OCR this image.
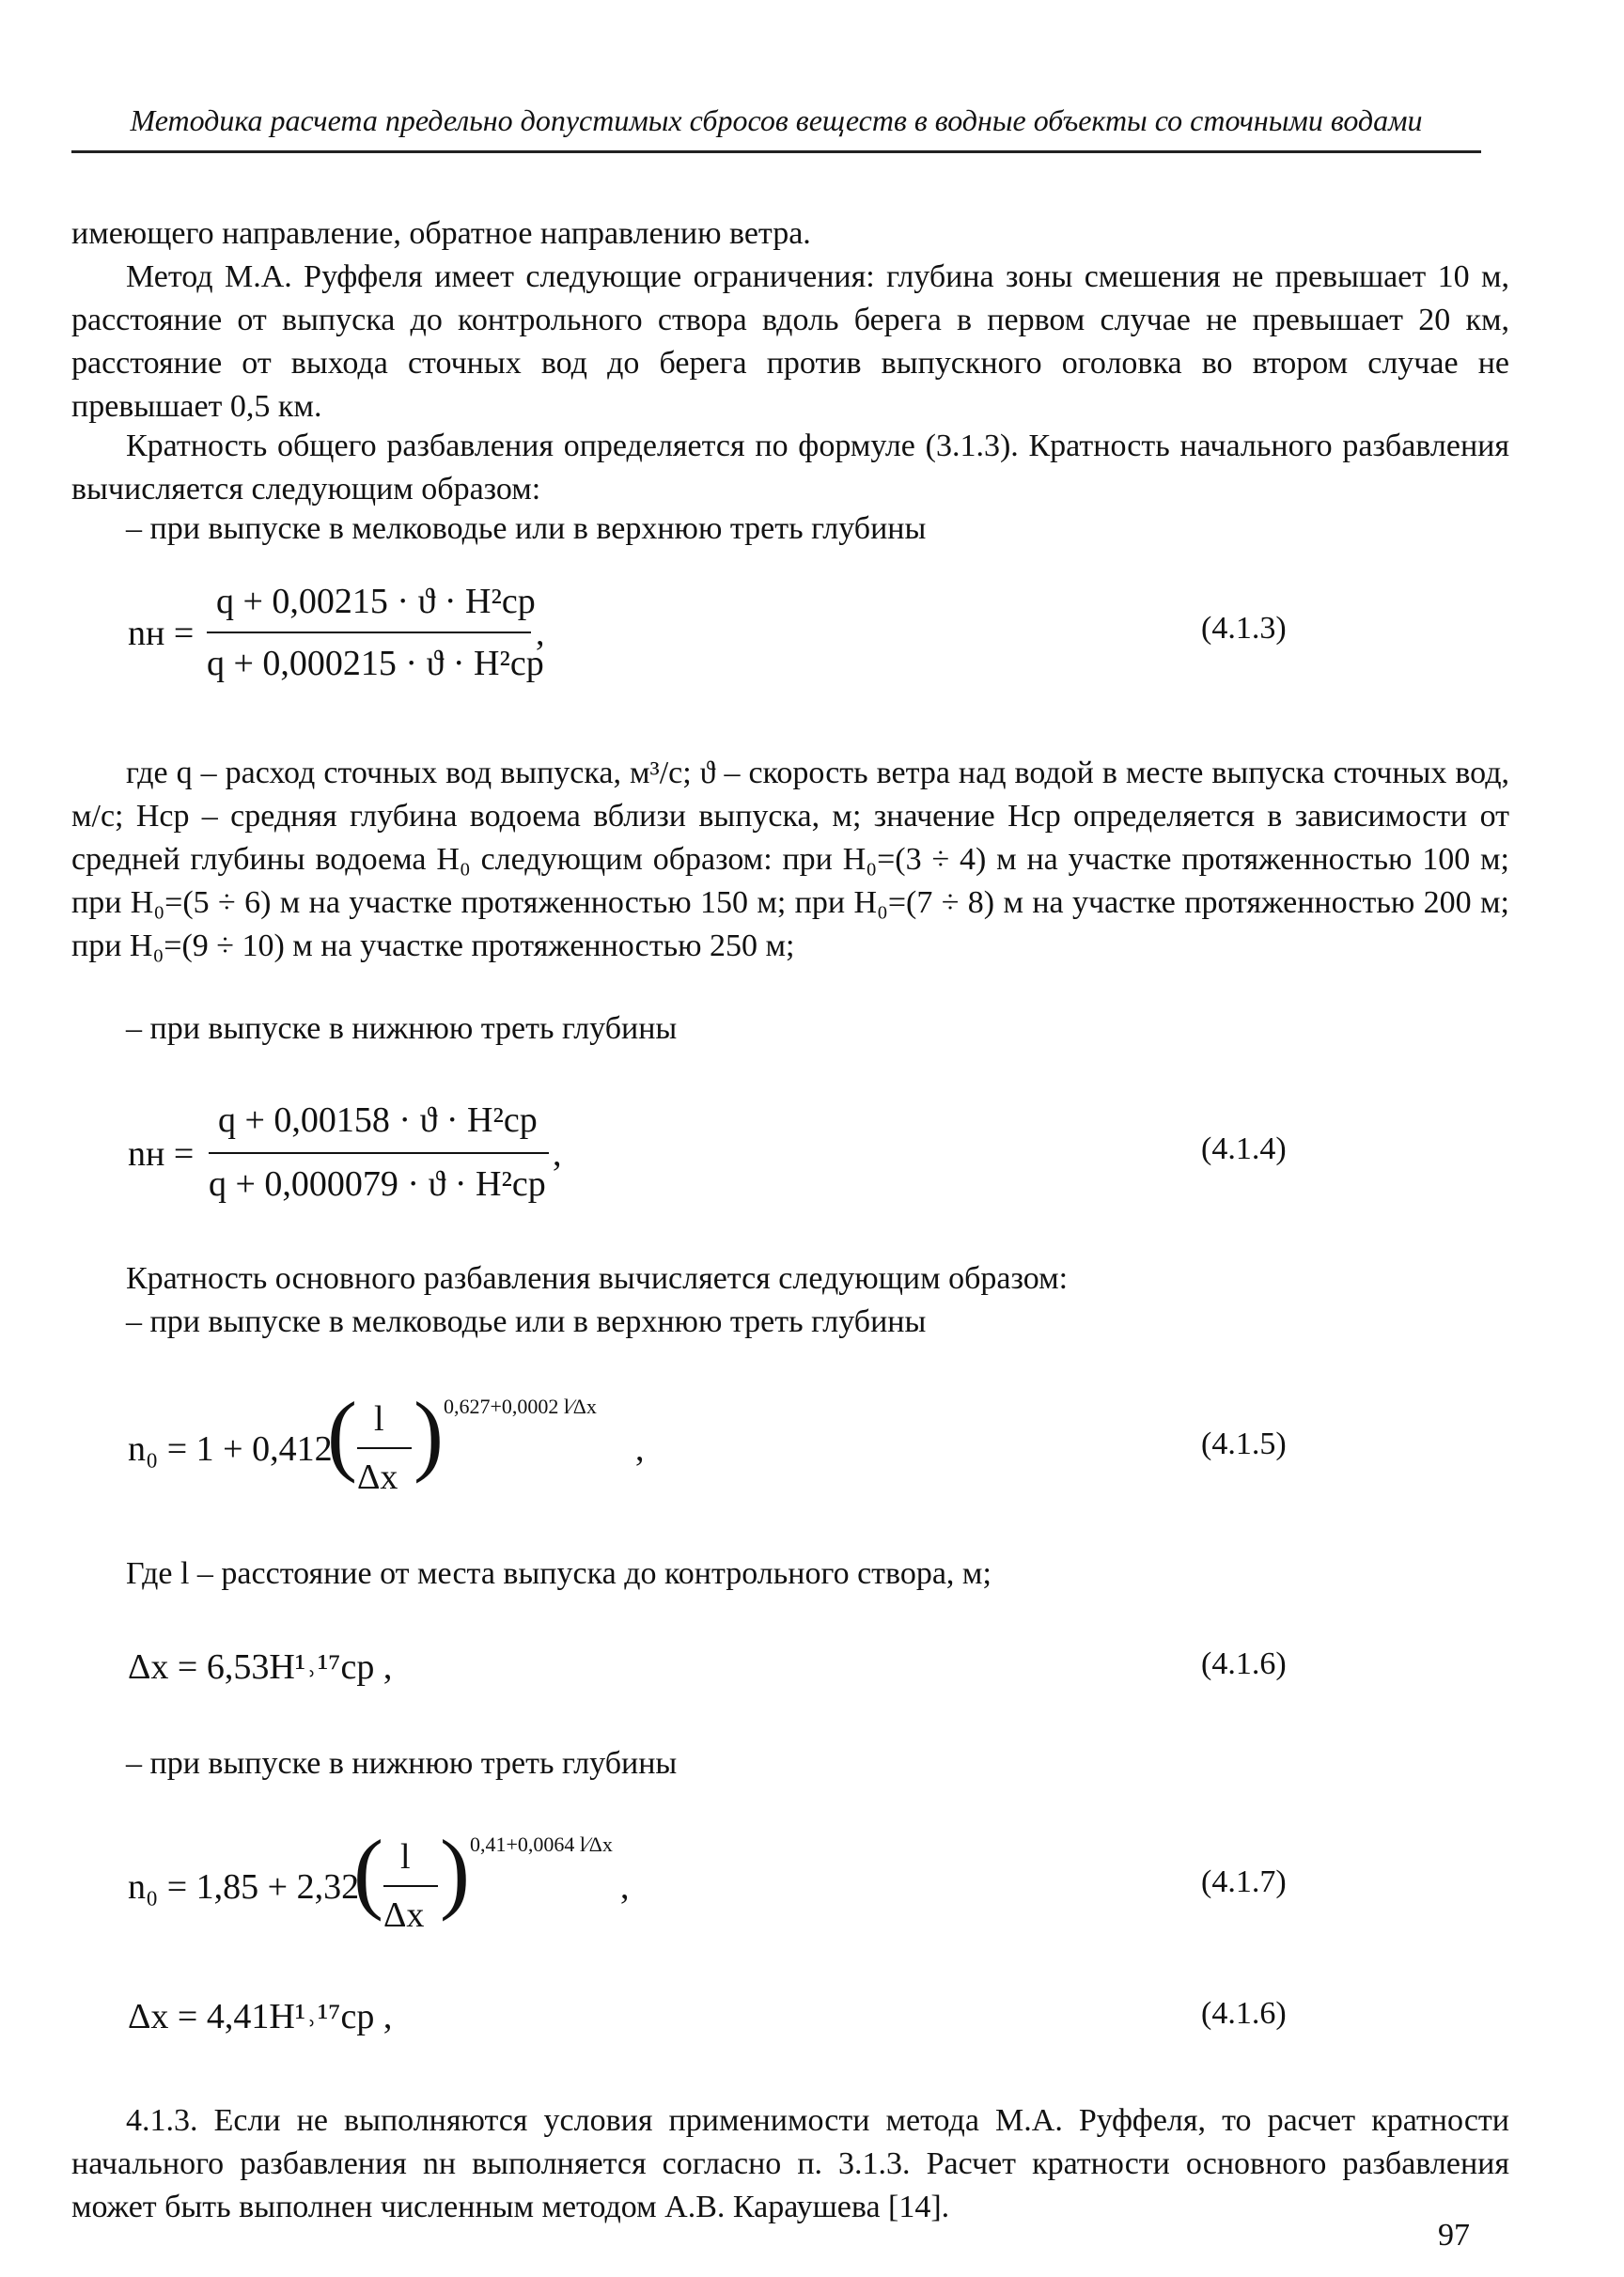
Методика расчета предельно допустимых сбросов веществ в водные объекты со сточными водами

имеющего направление, обратное направлению ветра.

Метод М.А. Руффеля имеет следующие ограничения: глубина зоны смешения не превышает 10 м, расстояние от выпуска до контрольного створа вдоль берега в первом случае не превышает 20 км, расстояние от выхода сточных вод до берега против выпускного оголовка во втором случае не превышает 0,5 км.

Кратность общего разбавления определяется по формуле (3.1.3). Кратность начального разбавления вычисляется следующим образом:

– при выпуске в мелководье или в верхнюю треть глубины

nн =
q + 0,00215 · ϑ · H²ср
q + 0,000215 · ϑ · H²ср
,	(4.1.3)

где q – расход сточных вод выпуска, м³/с; ϑ – скорость ветра над водой в месте выпуска сточных вод, м/с; Hср – средняя глубина водоема вблизи выпуска, м; значение Hср определяется в зависимости от средней глубины водоема H₀ следующим образом: при H₀=(3 ÷ 4) м на участке протяженностью 100 м; при H₀=(5 ÷ 6) м на участке протяженностью 150 м; при H₀=(7 ÷ 8) м на участке протяженностью 200 м; при H₀=(9 ÷ 10) м на участке протяженностью 250 м;

– при выпуске в нижнюю треть глубины

nн =
q + 0,00158 · ϑ · H²ср
q + 0,000079 · ϑ · H²ср
,	(4.1.4)

Кратность основного разбавления вычисляется следующим образом:

– при выпуске в мелководье или в верхнюю треть глубины

n₀ = 1 + 0,412
( l
Δx ) 0,627+0,0002 l⁄Δx
,	(4.1.5)

Где l – расстояние от места выпуска до контрольного створа, м;

Δx = 6,53H¹˒¹⁷ср ,	(4.1.6)

– при выпуске в нижнюю треть глубины

n₀ = 1,85 + 2,32
( l
Δx ) 0,41+0,0064 l⁄Δx
,	(4.1.7)
Δx = 4,41H¹˒¹⁷ср ,	(4.1.6)

4.1.3. Если не выполняются условия применимости метода М.А. Руффеля, то расчет кратности начального разбавления nн выполняется согласно п. 3.1.3. Расчет кратности основного разбавления может быть выполнен численным методом А.В. Караушева [14].

97
